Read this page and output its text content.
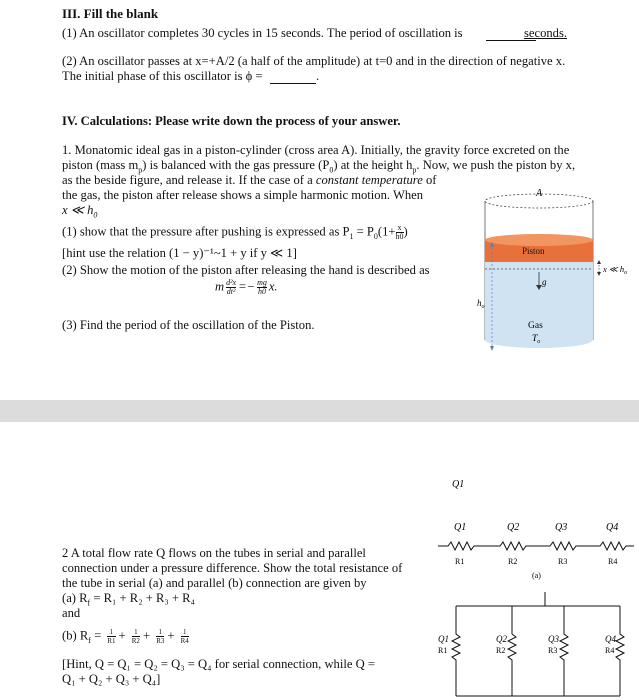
III. Fill the blank
(1) An oscillator completes 30 cycles in 15 seconds. The period of oscillation is	seconds.
(2) An oscillator passes at x=+A/2 (a half of the amplitude) at t=0 and in the direction of negative x.
The initial phase of this oscillator is ϕ =	.
IV. Calculations: Please write down the process of your answer.
1. Monatomic ideal gas in a piston-cylinder (cross area A). Initially, the gravity force excreted on the
piston (mass $m_p$) is balanced with the gas pressure $(P_0)$ at the height $h_p$. Now, we push the piston by x,
as the beside figure, and release it. If the case of a constant temperature of
the gas, the piston after release shows a simple harmonic motion. When
x ≪ $h_0$
(1) show that the pressure after pushing is expressed as $P_1 = P_0(1+ \frac{x}{h0}$ )
[hint use the relation (1 − y)⁻¹~1 + y if y ≪ 1]
(2) Show the motion of the piston after releasing the hand is described as
m $\frac{\text{d²x}}{\text{dt²}} =- \frac{mg}{h0} x$.
(3) Find the period of the oscillation of the Piston.
A
Piston
g
x ≪ $h_o$
$h_o$
Gas
$T_o$
2 A total flow rate Q flows on the tubes in serial and parallel
connection under a pressure difference. Show the total resistance of
the tube in serial (a) and parallel (b) connection are given by
(a) $R_f = R_1 + R_2 + R_3 + R_4$
and
(b) $R_f = \frac{1}{R1} + \frac{1}{R2} + \frac{1}{R3} + \frac{1}{R4}$
[Hint, Q = Q₁ = Q₂ = Q₃ = Q₄ for serial connection, while Q =
Q₁ + Q₂ + Q₃ + Q₄]
Q1
Q1	Q2	Q3	Q4
R1	R2	R3	R4
(a)
Q1
R1
Q2
R2
Q3
R3
Q4
R4
